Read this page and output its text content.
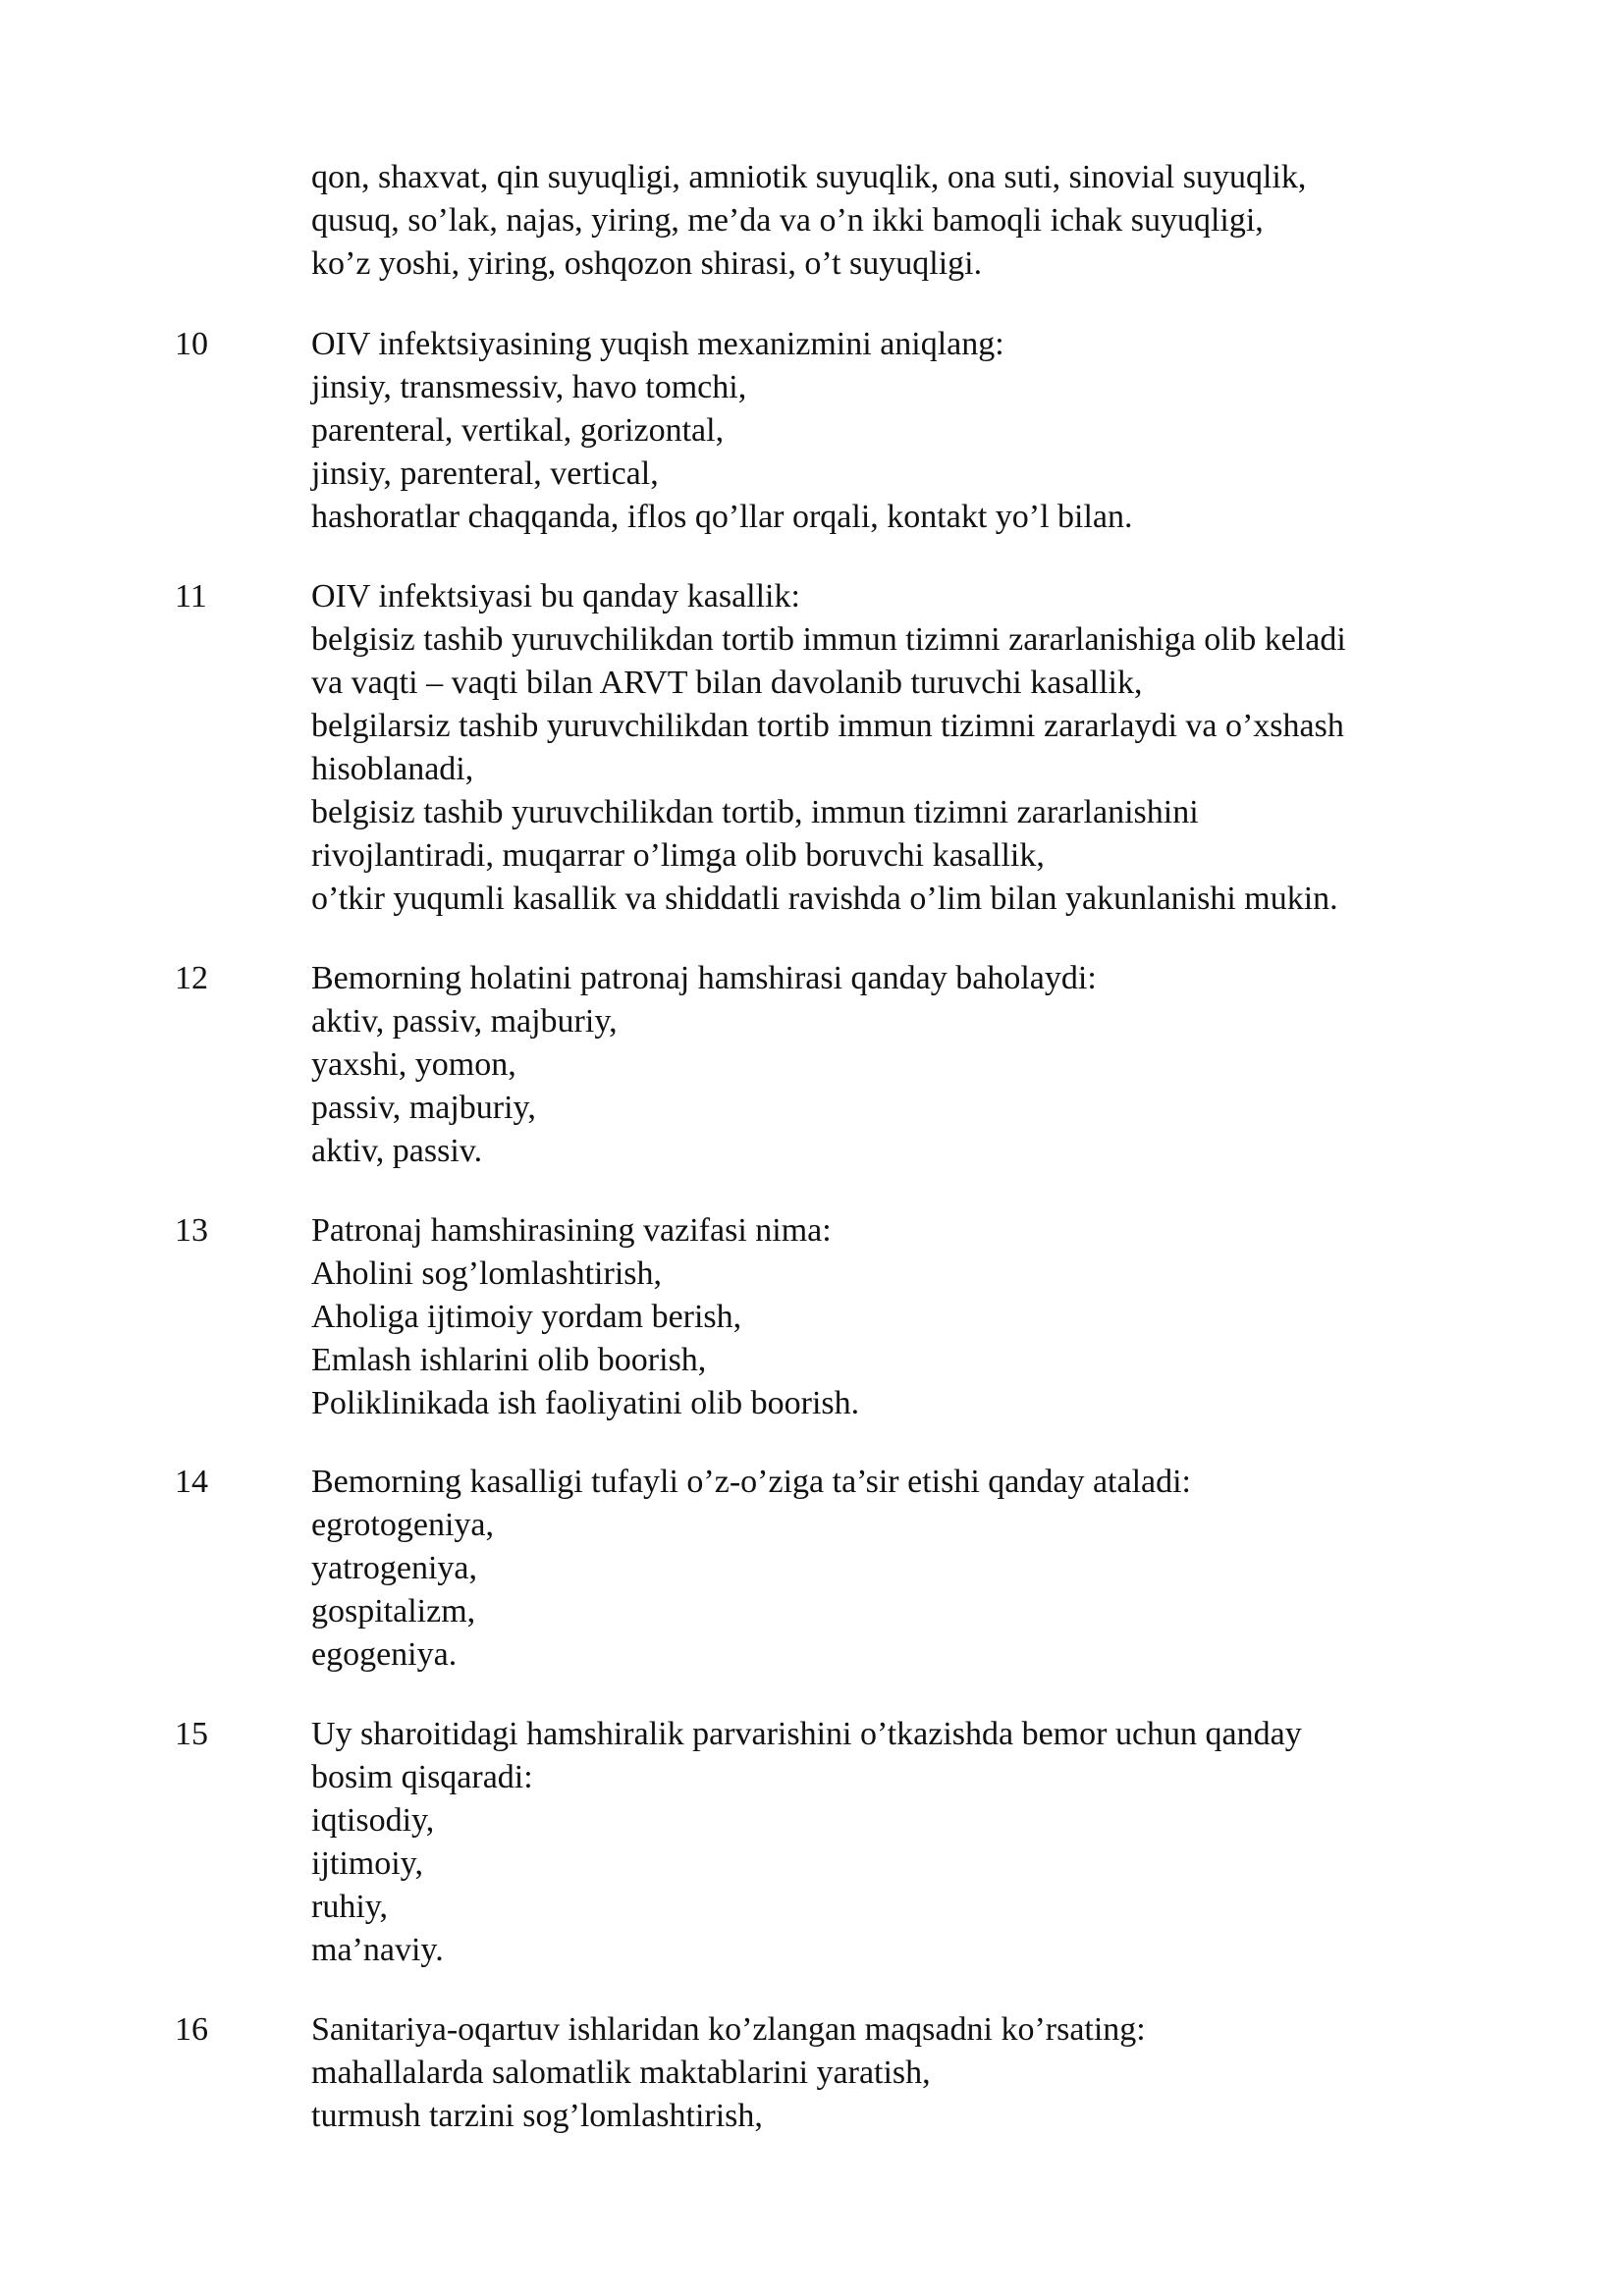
qon, shaxvat, qin suyuqligi, amniotik suyuqlik, ona suti, sinovial suyuqlik,
qusuq, so’lak, najas, yiring, me’da va o’n ikki bamoqli ichak suyuqligi,
ko’z yoshi, yiring, oshqozon shirasi, o’t suyuqligi.
10	OIV infektsiyasining yuqish mexanizmini aniqlang:
jinsiy, transmessiv, havo tomchi,
parenteral, vertikal, gorizontal,
jinsiy, parenteral, vertical,
hashoratlar chaqqanda, iflos qo’llar orqali, kontakt yo’l bilan.
11	OIV infektsiyasi bu qanday kasallik:
belgisiz tashib yuruvchilikdan tortib immun tizimni zararlanishiga olib keladi
va vaqti – vaqti bilan ARVT bilan davolanib turuvchi kasallik,
belgilarsiz tashib yuruvchilikdan tortib immun tizimni zararlaydi va o’xshash
hisoblanadi,
belgisiz tashib yuruvchilikdan tortib, immun tizimni zararlanishini
rivojlantiradi, muqarrar o’limga olib boruvchi kasallik,
o’tkir yuqumli kasallik va shiddatli ravishda o’lim bilan yakunlanishi mukin.
12	Bemorning holatini patronaj hamshirasi qanday baholaydi:
aktiv, passiv, majburiy,
yaxshi, yomon,
passiv, majburiy,
aktiv, passiv.
13	Patronaj hamshirasining vazifasi nima:
Aholini sog’lomlashtirish,
Aholiga ijtimoiy yordam berish,
Emlash ishlarini olib boorish,
Poliklinikada ish faoliyatini olib boorish.
14	Bemorning kasalligi tufayli o’z-o’ziga ta’sir etishi qanday ataladi:
egrotogeniya,
yatrogeniya,
gospitalizm,
egogeniya.
15	Uy sharoitidagi hamshiralik parvarishini o’tkazishda bemor uchun qanday
bosim qisqaradi:
iqtisodiy,
ijtimoiy,
ruhiy,
ma’naviy.
16	Sanitariya-oqartuv ishlaridan ko’zlangan maqsadni ko’rsating:
mahallalarda salomatlik maktablarini yaratish,
turmush tarzini sog’lomlashtirish,
